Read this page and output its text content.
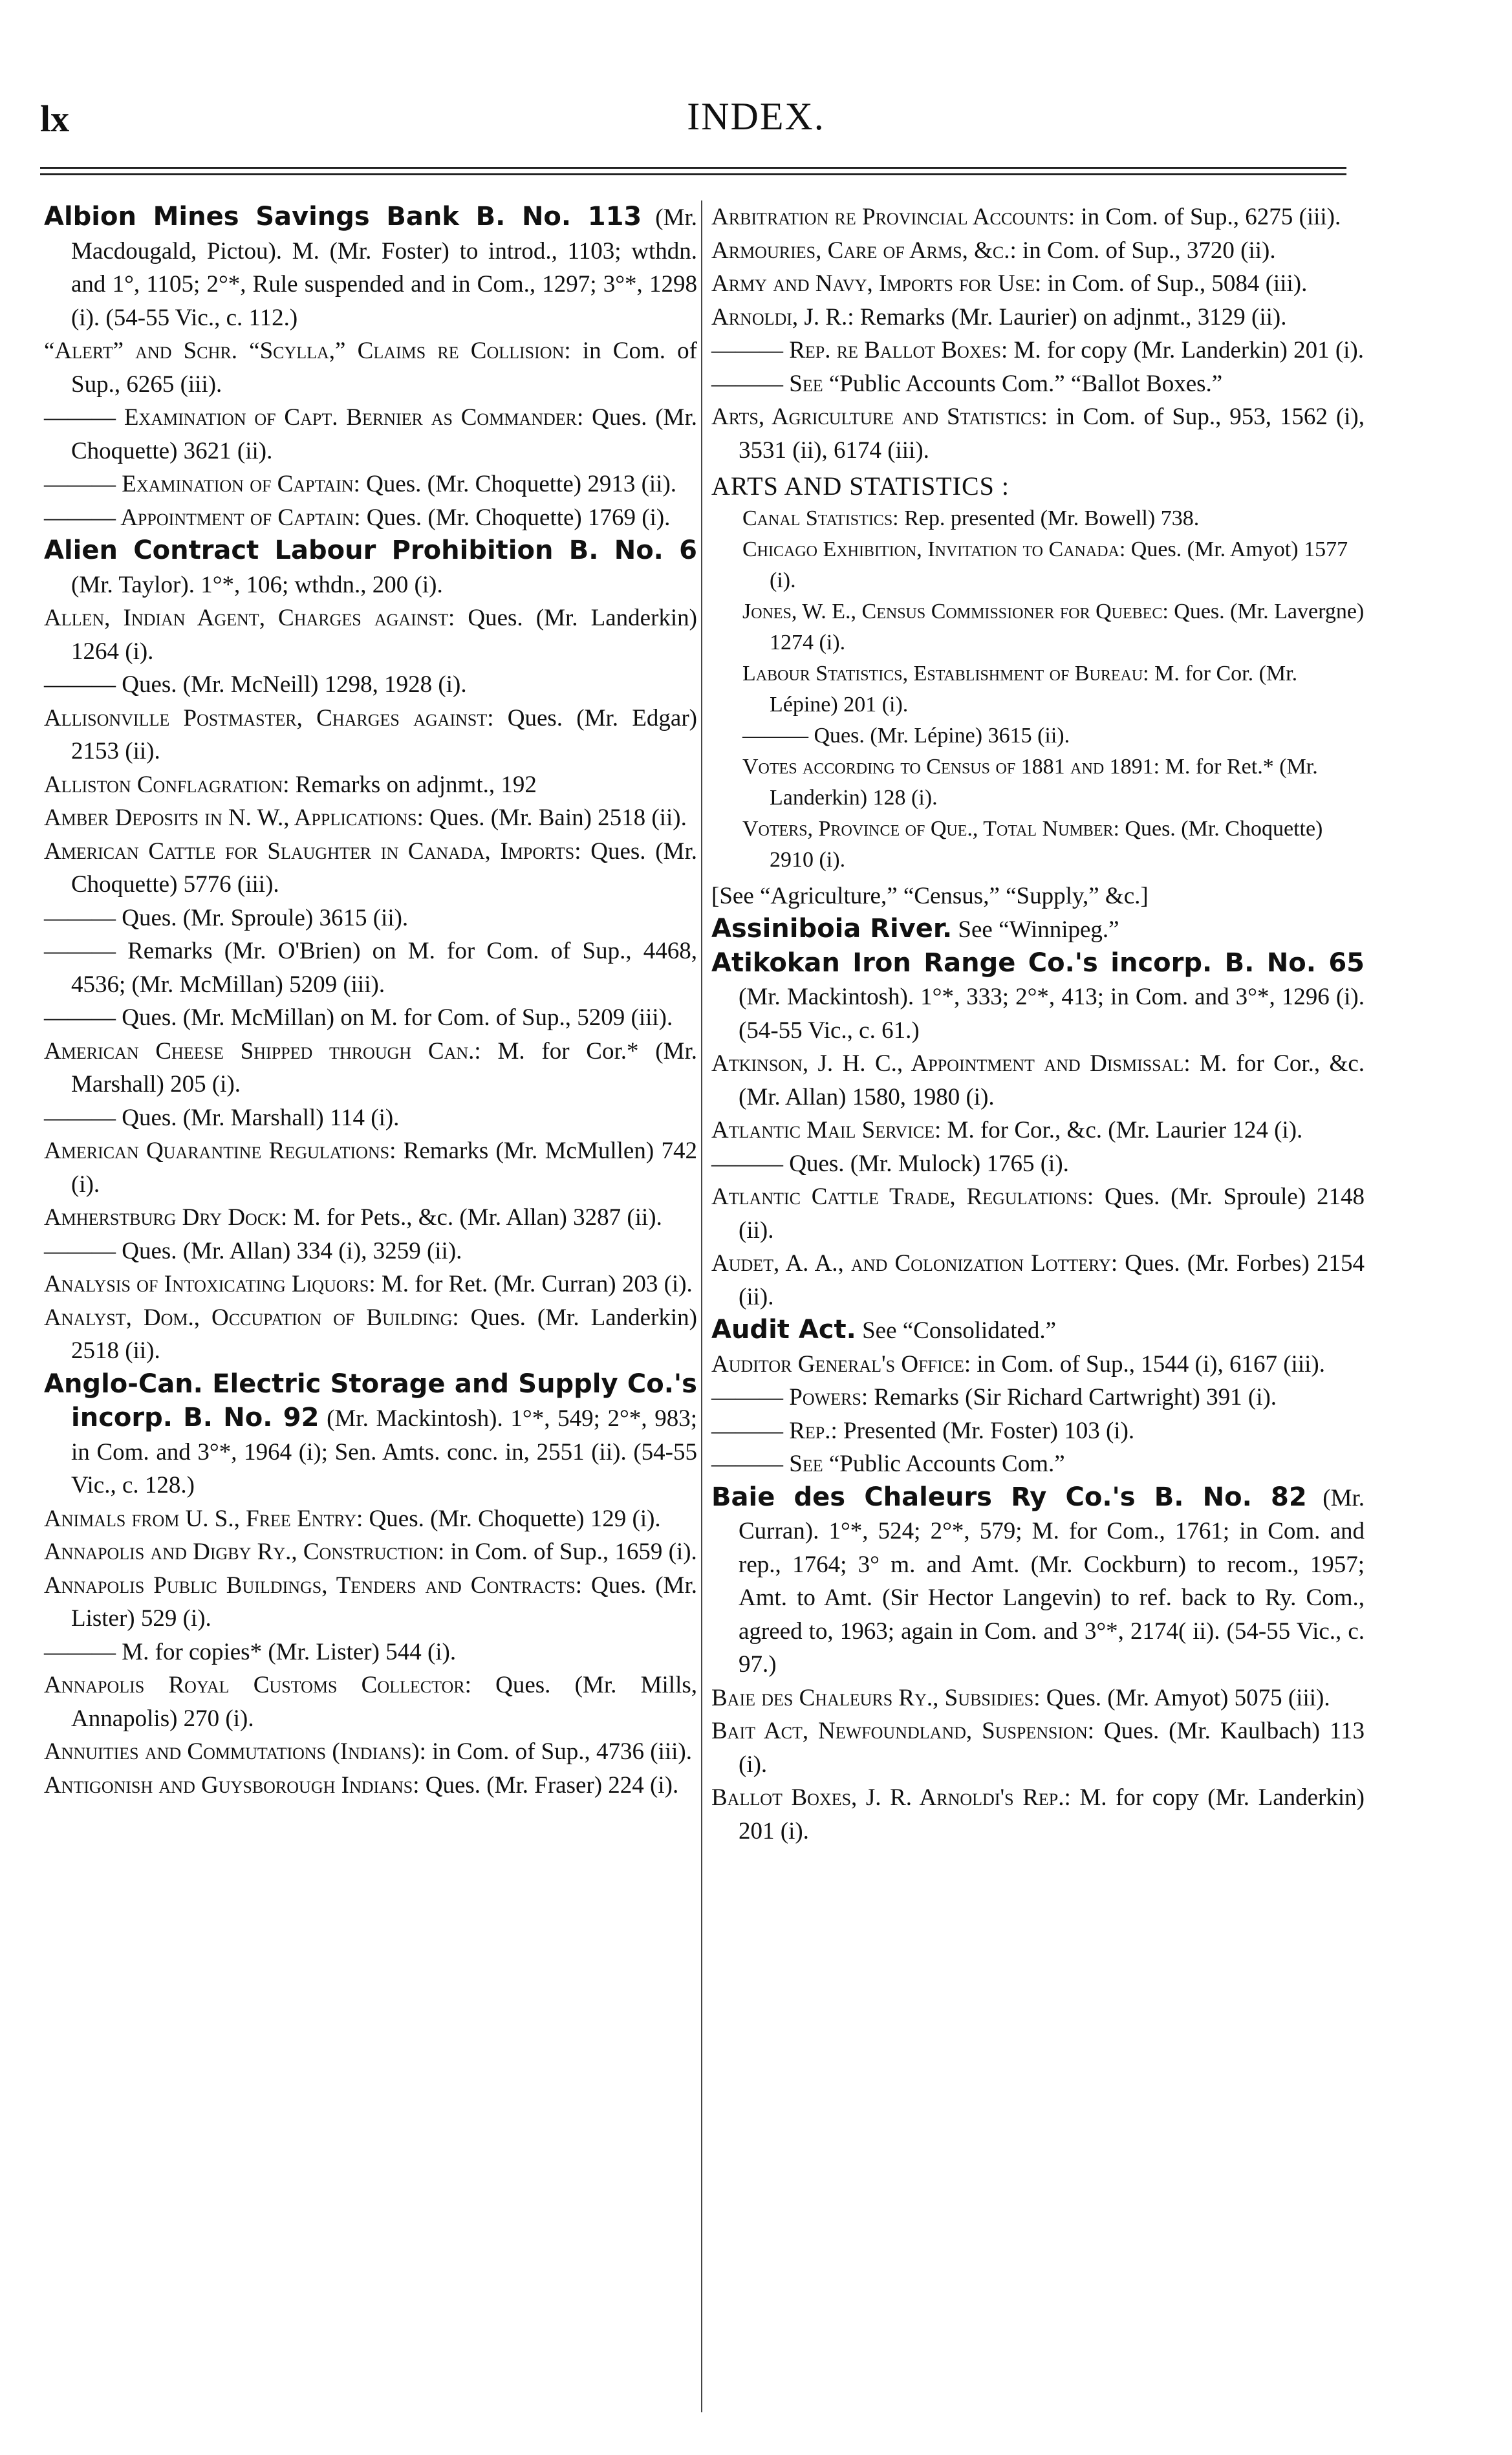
lx	INDEX.

Albion Mines Savings Bank B. No. 113 (Mr. Macdougald, Pictou). M. (Mr. Foster) to introd., 1103; wthdn. and 1°, 1105; 2°*, Rule suspended and in Com., 1297; 3°*, 1298 (i). (54-55 Vic., c. 112.)

“Alert” and Schr. “Scylla,” Claims re Collision: in Com. of Sup., 6265 (iii).

——— Examination of Capt. Bernier as Commander: Ques. (Mr. Choquette) 3621 (ii).

——— Examination of Captain: Ques. (Mr. Choquette) 2913 (ii).

——— Appointment of Captain: Ques. (Mr. Choquette) 1769 (i).

Alien Contract Labour Prohibition B. No. 6 (Mr. Taylor). 1°*, 106; wthdn., 200 (i).

Allen, Indian Agent, Charges against: Ques. (Mr. Landerkin) 1264 (i).

——— Ques. (Mr. McNeill) 1298, 1928 (i).

Allisonville Postmaster, Charges against: Ques. (Mr. Edgar) 2153 (ii).

Alliston Conflagration: Remarks on adjnmt., 192

Amber Deposits in N. W., Applications: Ques. (Mr. Bain) 2518 (ii).

American Cattle for Slaughter in Canada, Imports: Ques. (Mr. Choquette) 5776 (iii).

——— Ques. (Mr. Sproule) 3615 (ii).

——— Remarks (Mr. O'Brien) on M. for Com. of Sup., 4468, 4536; (Mr. McMillan) 5209 (iii).

——— Ques. (Mr. McMillan) on M. for Com. of Sup., 5209 (iii).

American Cheese Shipped through Can.: M. for Cor.* (Mr. Marshall) 205 (i).

——— Ques. (Mr. Marshall) 114 (i).

American Quarantine Regulations: Remarks (Mr. McMullen) 742 (i).

Amherstburg Dry Dock: M. for Pets., &c. (Mr. Allan) 3287 (ii).

——— Ques. (Mr. Allan) 334 (i), 3259 (ii).

Analysis of Intoxicating Liquors: M. for Ret. (Mr. Curran) 203 (i).

Analyst, Dom., Occupation of Building: Ques. (Mr. Landerkin) 2518 (ii).

Anglo-Can. Electric Storage and Supply Co.'s incorp. B. No. 92 (Mr. Mackintosh). 1°*, 549; 2°*, 983; in Com. and 3°*, 1964 (i); Sen. Amts. conc. in, 2551 (ii). (54-55 Vic., c. 128.)

Animals from U. S., Free Entry: Ques. (Mr. Choquette) 129 (i).

Annapolis and Digby Ry., Construction: in Com. of Sup., 1659 (i).

Annapolis Public Buildings, Tenders and Contracts: Ques. (Mr. Lister) 529 (i).

——— M. for copies* (Mr. Lister) 544 (i).

Annapolis Royal Customs Collector: Ques. (Mr. Mills, Annapolis) 270 (i).

Annuities and Commutations (Indians): in Com. of Sup., 4736 (iii).

Antigonish and Guysborough Indians: Ques. (Mr. Fraser) 224 (i).

Arbitration re Provincial Accounts: in Com. of Sup., 6275 (iii).

Armouries, Care of Arms, &c.: in Com. of Sup., 3720 (ii).

Army and Navy, Imports for Use: in Com. of Sup., 5084 (iii).

Arnoldi, J. R.: Remarks (Mr. Laurier) on adjnmt., 3129 (ii).

——— Rep. re Ballot Boxes: M. for copy (Mr. Landerkin) 201 (i).

——— See “Public Accounts Com.” “Ballot Boxes.”

Arts, Agriculture and Statistics: in Com. of Sup., 953, 1562 (i), 3531 (ii), 6174 (iii).

ARTS AND STATISTICS :

Canal Statistics: Rep. presented (Mr. Bowell) 738.

Chicago Exhibition, Invitation to Canada: Ques. (Mr. Amyot) 1577 (i).

Jones, W. E., Census Commissioner for Quebec: Ques. (Mr. Lavergne) 1274 (i).

Labour Statistics, Establishment of Bureau: M. for Cor. (Mr. Lépine) 201 (i).

——— Ques. (Mr. Lépine) 3615 (ii).

Votes according to Census of 1881 and 1891: M. for Ret.* (Mr. Landerkin) 128 (i).

Voters, Province of Que., Total Number: Ques. (Mr. Choquette) 2910 (i).

[See “Agriculture,” “Census,” “Supply,” &c.]

Assiniboia River. See “Winnipeg.”

Atikokan Iron Range Co.'s incorp. B. No. 65 (Mr. Mackintosh). 1°*, 333; 2°*, 413; in Com. and 3°*, 1296 (i). (54-55 Vic., c. 61.)

Atkinson, J. H. C., Appointment and Dismissal: M. for Cor., &c. (Mr. Allan) 1580, 1980 (i).

Atlantic Mail Service: M. for Cor., &c. (Mr. Laurier 124 (i).

——— Ques. (Mr. Mulock) 1765 (i).

Atlantic Cattle Trade, Regulations: Ques. (Mr. Sproule) 2148 (ii).

Audet, A. A., and Colonization Lottery: Ques. (Mr. Forbes) 2154 (ii).

Audit Act. See “Consolidated.”

Auditor General's Office: in Com. of Sup., 1544 (i), 6167 (iii).

——— Powers: Remarks (Sir Richard Cartwright) 391 (i).

——— Rep.: Presented (Mr. Foster) 103 (i).

——— See “Public Accounts Com.”

Baie des Chaleurs Ry Co.'s B. No. 82 (Mr. Curran). 1°*, 524; 2°*, 579; M. for Com., 1761; in Com. and rep., 1764; 3° m. and Amt. (Mr. Cockburn) to recom., 1957; Amt. to Amt. (Sir Hector Langevin) to ref. back to Ry. Com., agreed to, 1963; again in Com. and 3°*, 2174( ii). (54-55 Vic., c. 97.)

Baie des Chaleurs Ry., Subsidies: Ques. (Mr. Amyot) 5075 (iii).

Bait Act, Newfoundland, Suspension: Ques. (Mr. Kaulbach) 113 (i).

Ballot Boxes, J. R. Arnoldi's Rep.: M. for copy (Mr. Landerkin) 201 (i).
